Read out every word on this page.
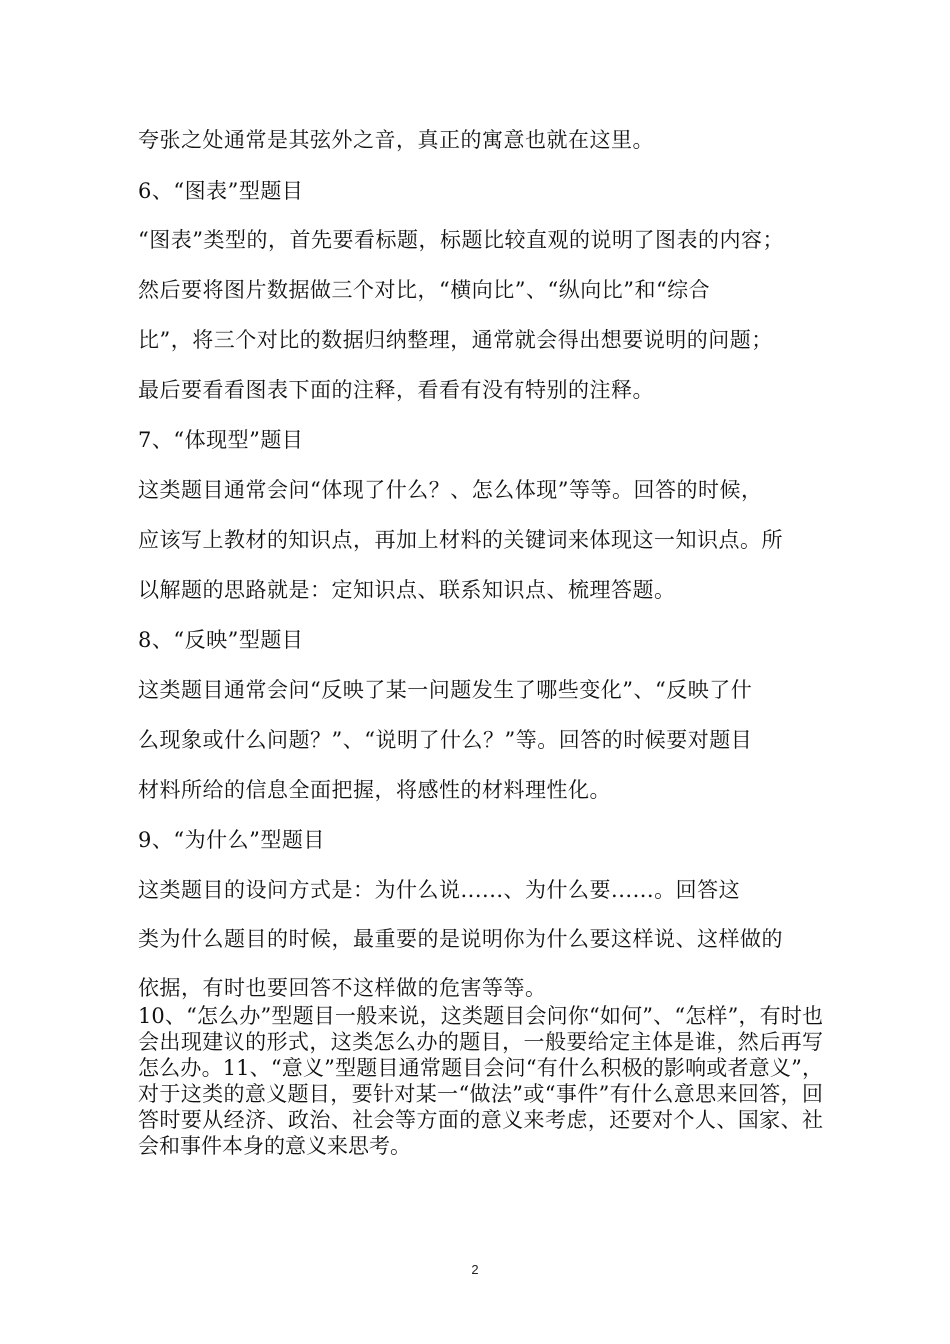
夸张之处通常是其弦外之音，真正的寓意也就在这里。
6、“图表”型题目
“图表”类型的，首先要看标题，标题比较直观的说明了图表的内容；
然后要将图片数据做三个对比，“横向比”、“纵向比”和“综合
比”，将三个对比的数据归纳整理，通常就会得出想要说明的问题；
最后要看看图表下面的注释，看看有没有特别的注释。
7、“体现型”题目
这类题目通常会问“体现了什么？、怎么体现”等等。回答的时候，
应该写上教材的知识点，再加上材料的关键词来体现这一知识点。所
以解题的思路就是：定知识点、联系知识点、梳理答题。
8、“反映”型题目
这类题目通常会问“反映了某一问题发生了哪些变化”、“反映了什
么现象或什么问题？”、“说明了什么？”等。回答的时候要对题目
材料所给的信息全面把握，将感性的材料理性化。
9、“为什么”型题目
这类题目的设问方式是：为什么说......、为什么要......。回答这
类为什么题目的时候，最重要的是说明你为什么要这样说、这样做的
依据，有时也要回答不这样做的危害等等。
10、“怎么办”型题目一般来说，这类题目会问你“如何”、“怎样”，有时也会出现建议的形式，这类怎么办的题目，一般要给定主体是谁，然后再写怎么办。11、“意义”型题目通常题目会问“有什么积极的影响或者意义”，对于这类的意义题目，要针对某一“做法”或“事件”有什么意思来回答，回答时要从经济、政治、社会等方面的意义来考虑，还要对个人、国家、社会和事件本身的意义来思考。
2
